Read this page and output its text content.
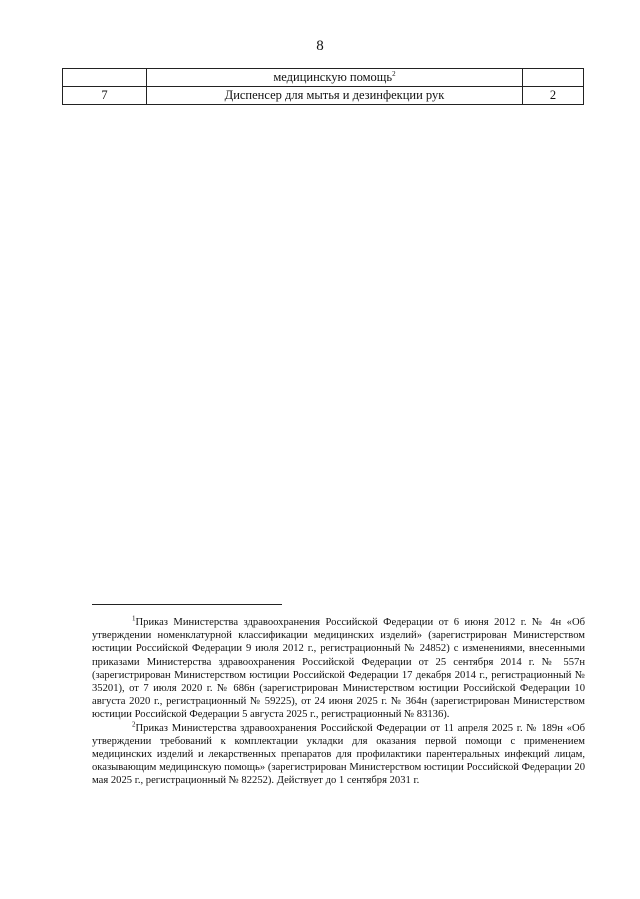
8
	медицинскую помощь$^2$	
7	Диспенсер для мытья и дезинфекции рук	2

$^1$Приказ Министерства здравоохранения Российской Федерации от 6 июня 2012 г. № 4н «Об утверждении номенклатурной классификации медицинских изделий» (зарегистрирован Министерством юстиции Российской Федерации 9 июля 2012 г., регистрационный № 24852) с изменениями, внесенными приказами Министерства здравоохранения Российской Федерации от 25 сентября 2014 г. № 557н (зарегистрирован Министерством юстиции Российской Федерации 17 декабря 2014 г., регистрационный № 35201), от 7 июля 2020 г. № 686н (зарегистрирован Министерством юстиции Российской Федерации 10 августа 2020 г., регистрационный № 59225), от 24 июня 2025 г. № 364н (зарегистрирован Министерством юстиции Российской Федерации 5 августа 2025 г., регистрационный № 83136).

$^2$Приказ Министерства здравоохранения Российской Федерации от 11 апреля 2025 г. № 189н «Об утверждении требований к комплектации укладки для оказания первой помощи с применением медицинских изделий и лекарственных препаратов для профилактики парентеральных инфекций лицам, оказывающим медицинскую помощь» (зарегистрирован Министерством юстиции Российской Федерации 20 мая 2025 г., регистрационный № 82252). Действует до 1 сентября 2031 г.
